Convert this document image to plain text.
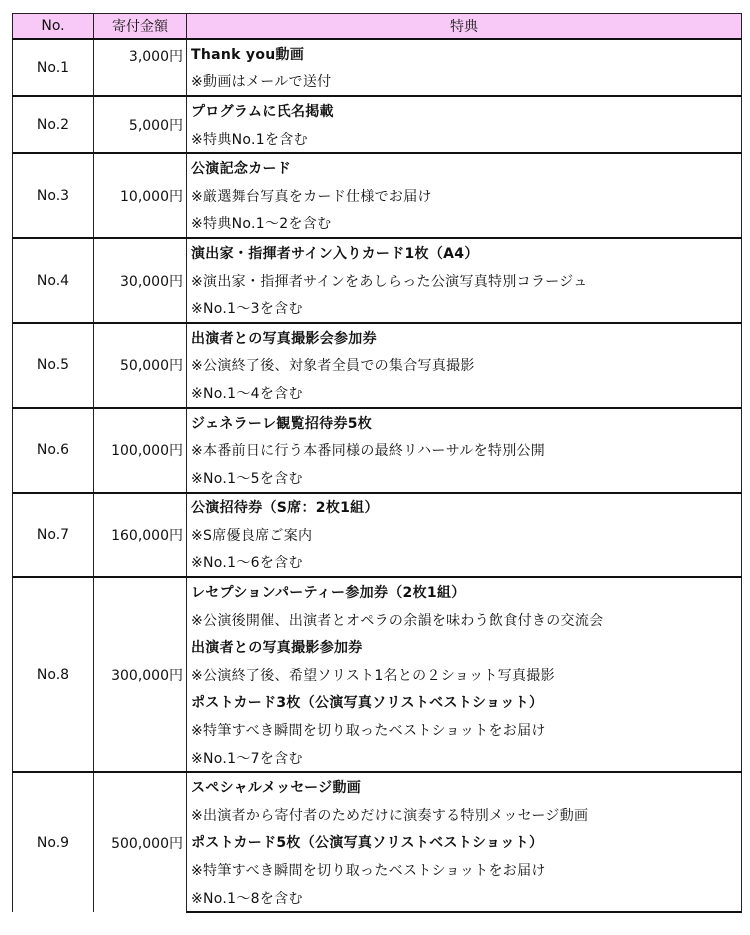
No.	寄付金額	特典
No.1	3,000円	Thank you動画
		※動画はメールで送付
No.2	5,000円	プログラムに氏名掲載
		※特典No.1を含む
No.3	10,000円	公演記念カード
		※厳選舞台写真をカード仕様でお届け
		※特典No.1～2を含む
No.4	30,000円	演出家・指揮者サイン入りカード1枚（A4）
		※演出家・指揮者サインをあしらった公演写真特別コラージュ
		※No.1～3を含む
No.5	50,000円	出演者との写真撮影会参加券
		※公演終了後、対象者全員での集合写真撮影
		※No.1～4を含む
No.6	100,000円	ジェネラーレ観覧招待券5枚
		※本番前日に行う本番同様の最終リハーサルを特別公開
		※No.1～5を含む
No.7	160,000円	公演招待券（S席：2枚1組）
		※S席優良席ご案内
		※No.1～6を含む
No.8	300,000円	レセプションパーティー参加券（2枚1組）
		※公演後開催、出演者とオペラの余韻を味わう飲食付きの交流会
		出演者との写真撮影参加券
		※公演終了後、希望ソリスト1名との２ショット写真撮影
		ポストカード3枚（公演写真ソリストベストショット）
		※特筆すべき瞬間を切り取ったベストショットをお届け
		※No.1～7を含む
No.9	500,000円	スペシャルメッセージ動画
		※出演者から寄付者のためだけに演奏する特別メッセージ動画
		ポストカード5枚（公演写真ソリストベストショット）
		※特筆すべき瞬間を切り取ったベストショットをお届け
		※No.1～8を含む
